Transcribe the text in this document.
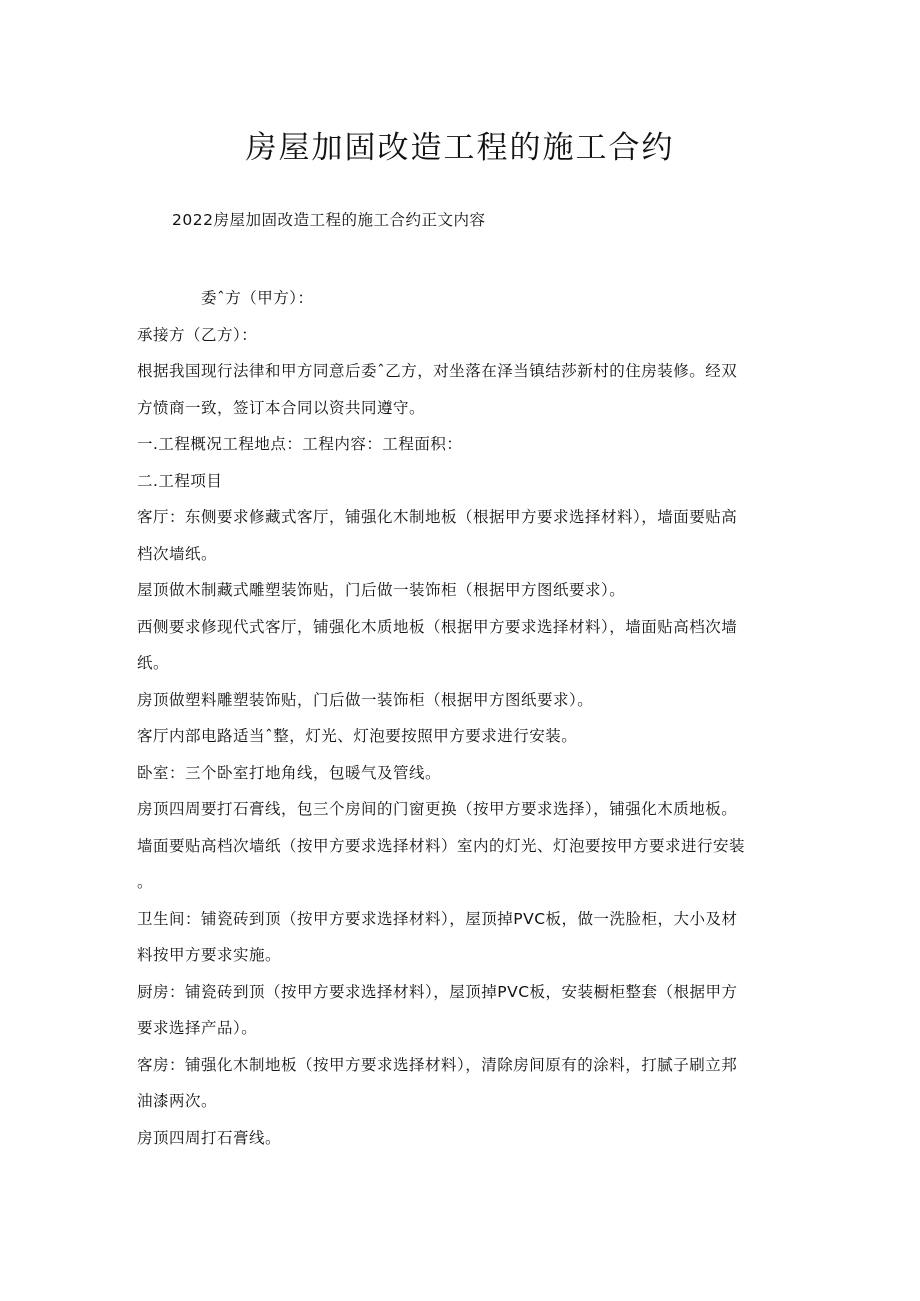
房屋加固改造工程的施工合约
2022房屋加固改造工程的施工合约正文内容
委ˆ方（甲方）：
承接方（乙方）：
根据我国现行法律和甲方同意后委ˆ乙方，对坐落在泽当镇结莎新村的住房装修。经双
方愤商一致，签订本合同以资共同遵守。
一.工程概况工程地点：工程内容：工程面积：
二.工程项目
客厅：东侧要求修藏式客厅，铺强化木制地板（根据甲方要求选择材料），墙面要贴高
档次墙纸。
屋顶做木制藏式雕塑装饰贴，门后做一装饰柜（根据甲方图纸要求）。
西侧要求修现代式客厅，铺强化木质地板（根据甲方要求选择材料），墙面贴高档次墙
纸。
房顶做塑料雕塑装饰贴，门后做一装饰柜（根据甲方图纸要求）。
客厅内部电路适当ˆ整，灯光、灯泡要按照甲方要求进行安装。
卧室：三个卧室打地角线，包暖气及管线。
房顶四周要打石膏线，包三个房间的门窗更换（按甲方要求选择），铺强化木质地板。
墙面要贴高档次墙纸（按甲方要求选择材料）室内的灯光、灯泡要按甲方要求进行安装
。
卫生间：铺瓷砖到顶（按甲方要求选择材料），屋顶掉PVC板，做一洗脸柜，大小及材
料按甲方要求实施。
厨房：铺瓷砖到顶（按甲方要求选择材料），屋顶掉PVC板，安装橱柜整套（根据甲方
要求选择产品）。
客房：铺强化木制地板（按甲方要求选择材料），清除房间原有的涂料，打腻子刷立邦
油漆两次。
房顶四周打石膏线。
